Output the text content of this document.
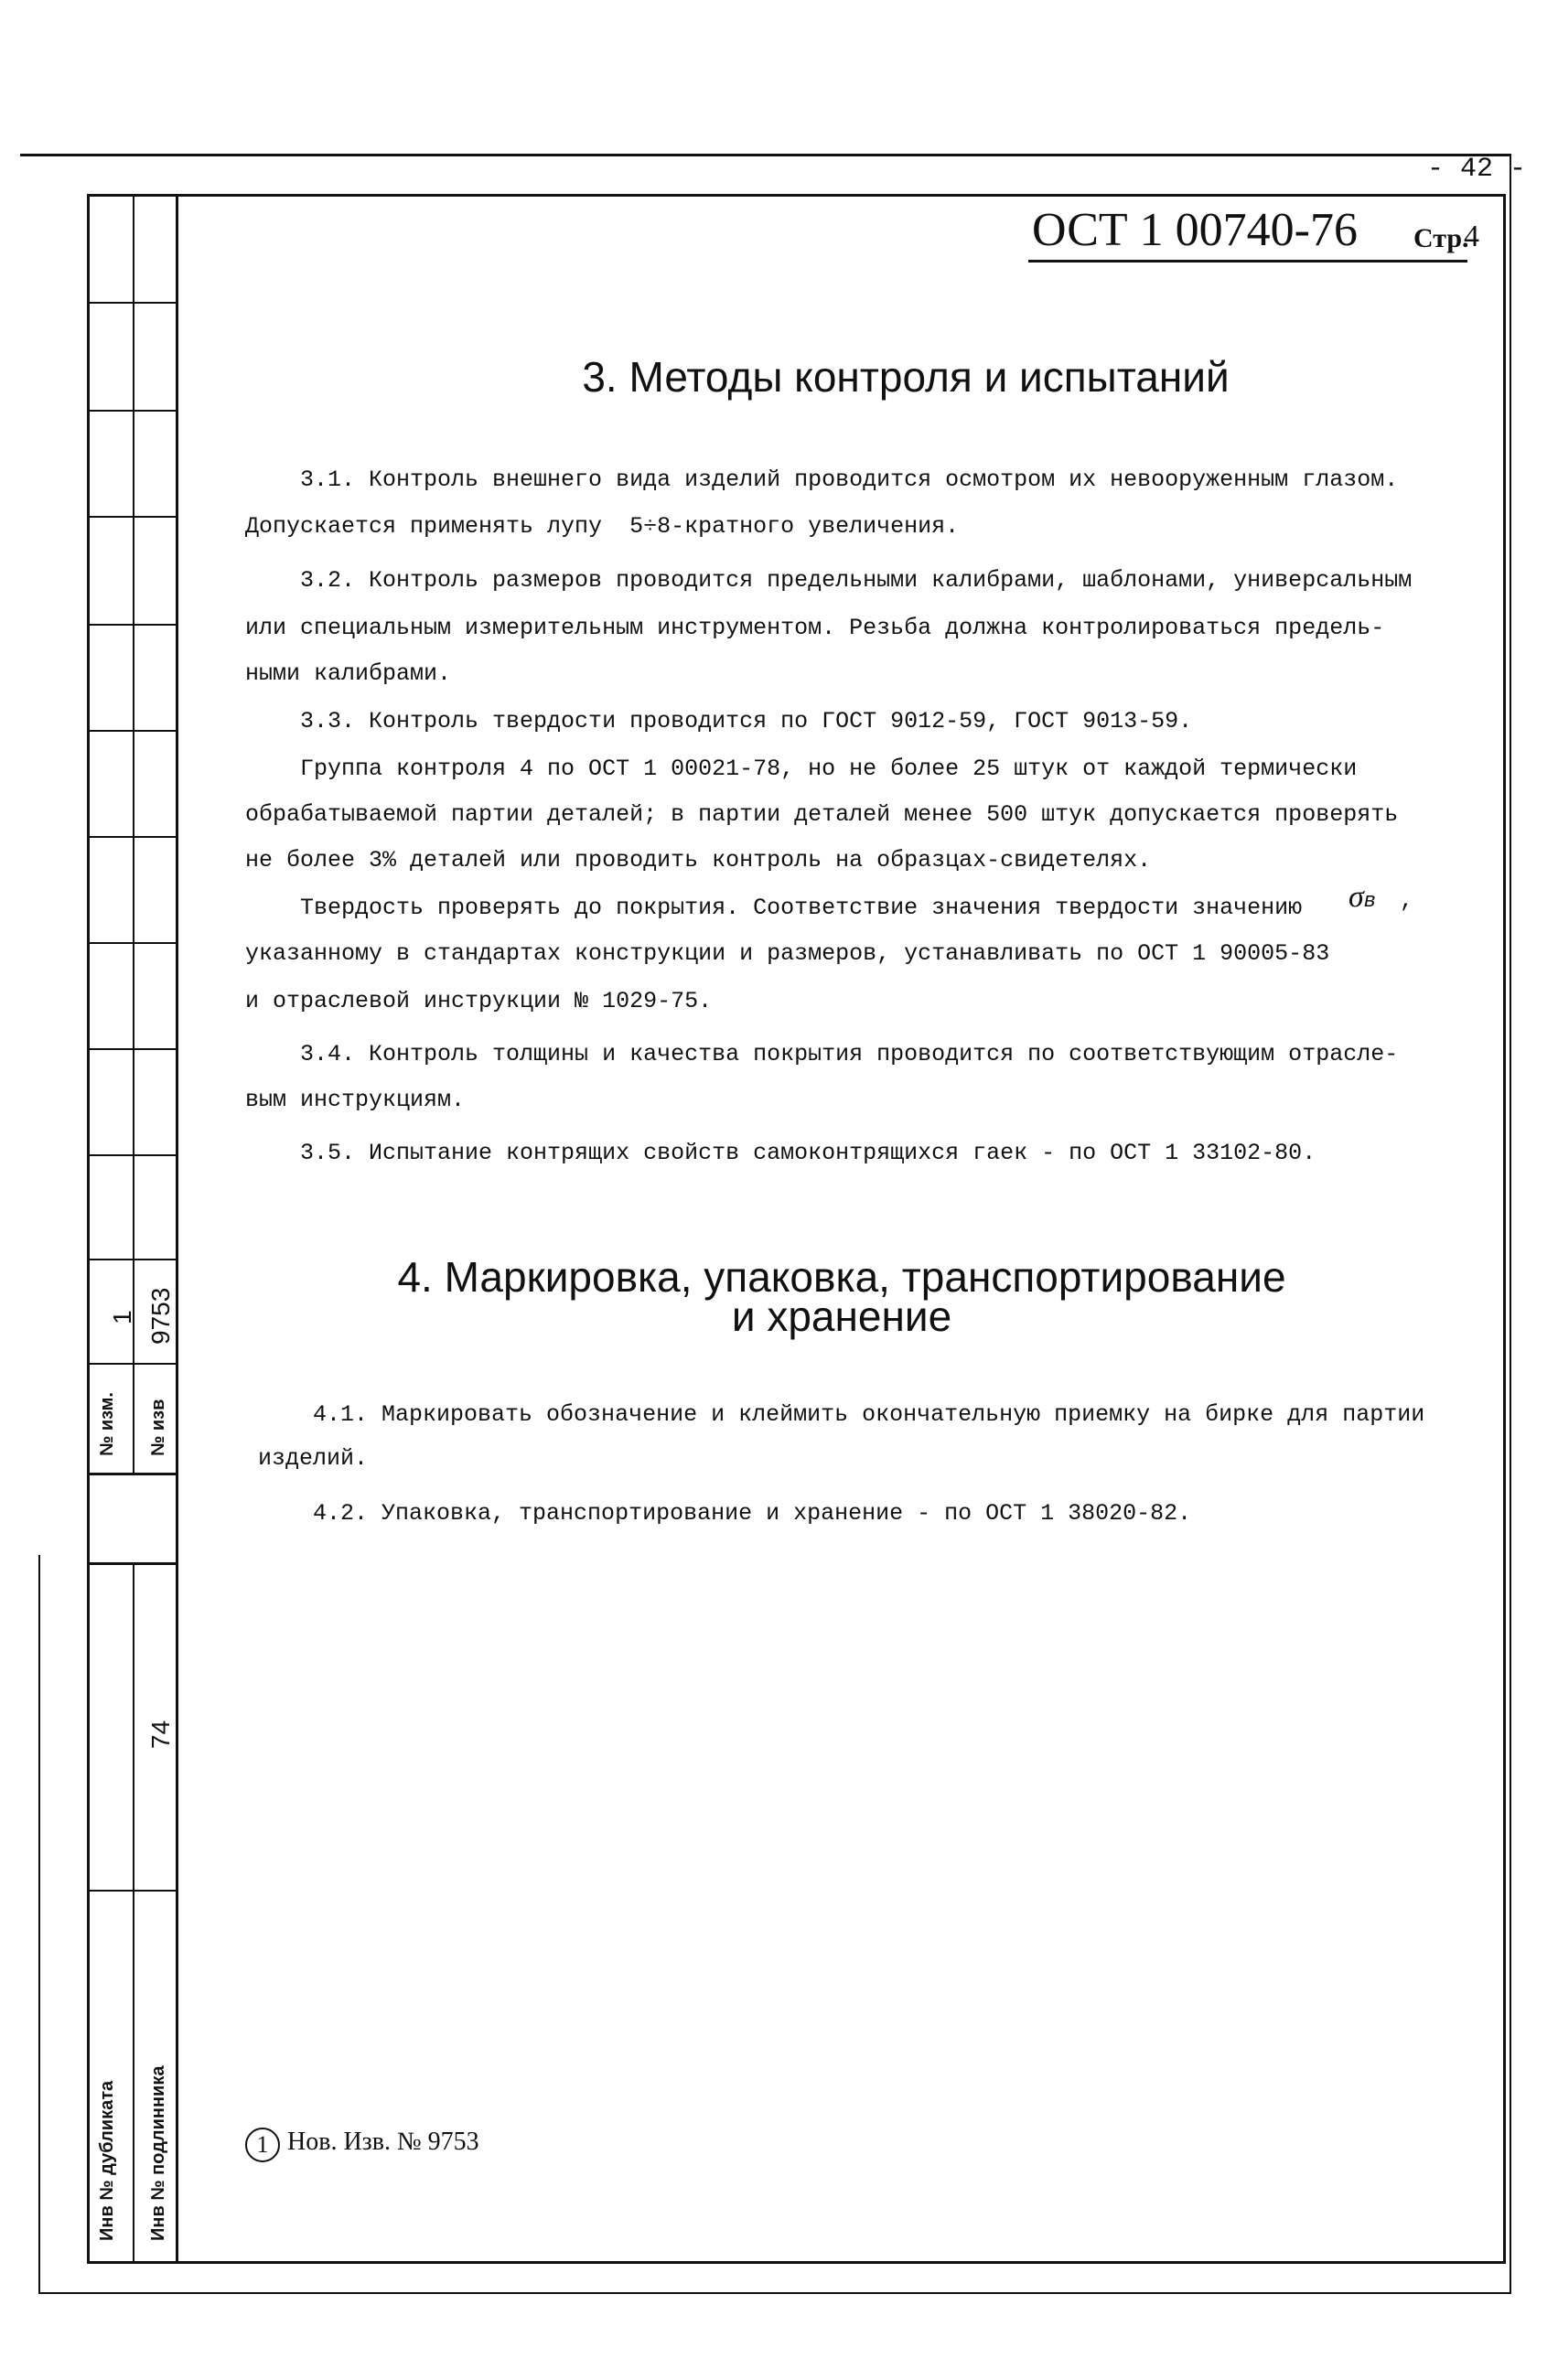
1 9753
№ изм. № изв
74
Инв № дубликата Инв № подлинника
- 42 -
ОСТ 1 00740-76 Стр.
4
3. Методы контроля и испытаний
3.1. Контроль внешнего вида изделий проводится осмотром их невооруженным глазом.
Допускается применять лупу  5÷8-кратного увеличения.
3.2. Контроль размеров проводится предельными калибрами, шаблонами, универсальным
или специальным измерительным инструментом. Резьба должна контролироваться предель-
ными калибрами.
3.3. Контроль твердости проводится по ГОСТ 9012-59, ГОСТ 9013-59.
Группа контроля 4 по ОСТ 1 00021-78, но не более 25 штук от каждой термически
обрабатываемой партии деталей; в партии деталей менее 500 штук допускается проверять
не более 3% деталей или проводить контроль на образцах-свидетелях.
Твердость проверять до покрытия. Соответствие значения твердости значению σв ,
указанному в стандартах конструкции и размеров, устанавливать по ОСТ 1 90005-83
и отраслевой инструкции № 1029-75.
3.4. Контроль толщины и качества покрытия проводится по соответствующим отрасле-
вым инструкциям.
3.5. Испытание контрящих свойств самоконтрящихся гаек - по ОСТ 1 33102-80.
4. Маркировка, упаковка, транспортирование
и хранение
4.1. Маркировать обозначение и клеймить окончательную приемку на бирке для партии
изделий.
4.2. Упаковка, транспортирование и хранение - по ОСТ 1 38020-82.
1 Нов. Изв. № 9753
